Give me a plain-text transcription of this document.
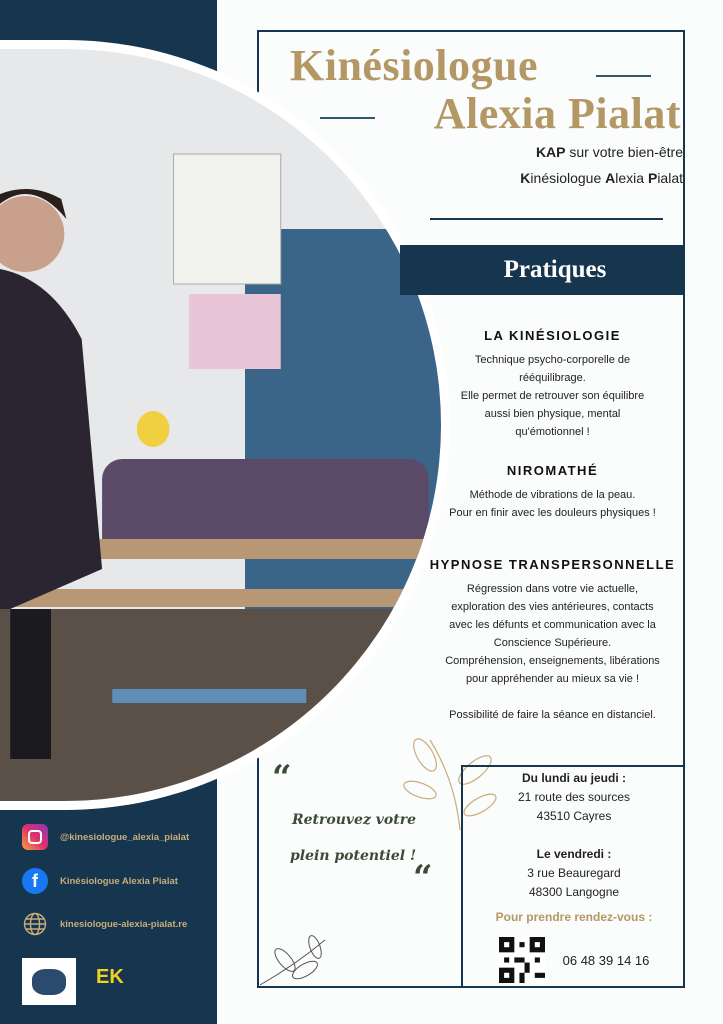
Kinésiologue
Alexia Pialat
KAP sur votre bien-être
Kinésiologue Alexia Pialat
Pratiques
LA KINÉSIOLOGIE

Technique psycho-corporelle de

rééquilibrage.

Elle permet de retrouver son équilibre

aussi bien physique, mental

qu'émotionnel !

NIROMATHÉ

Méthode de vibrations de la peau.

Pour en finir avec les douleurs physiques !

HYPNOSE TRANSPERSONNELLE

Régression dans votre vie actuelle,

exploration des vies antérieures, contacts

avec les défunts et communication avec la

Conscience Supérieure.

Compréhension, enseignements, libérations

pour appréhender au mieux sa vie !

Possibilité de faire la séance en distanciel.

“
Retrouvez votre
plein potentiel !
“
Du lundi au jeudi :
21 route des sources
43510 Cayres
Le vendredi :
3 rue Beauregard
48300 Langogne
Pour prendre rendez-vous :
06 48 39 14 16
@kinesiologue_alexia_pialat
f	Kinésiologue Alexia Pialat
kinesiologue-alexia-pialat.re
EK
